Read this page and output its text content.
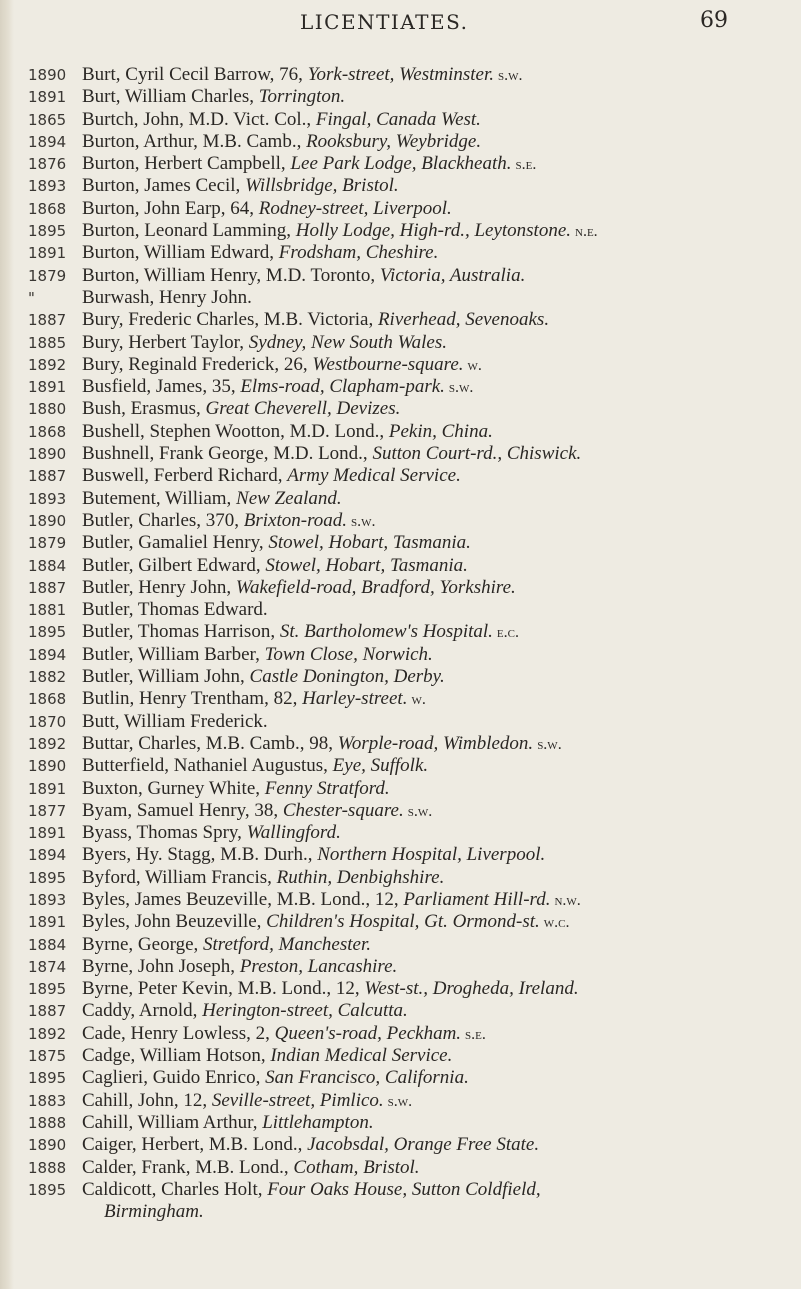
LICENTIATES.	69
1890 Burt, Cyril Cecil Barrow, 76, York-street, Westminster. s.w.
1891 Burt, William Charles, Torrington.
1865 Burtch, John, M.D. Vict. Col., Fingal, Canada West.
1894 Burton, Arthur, M.B. Camb., Rooksbury, Weybridge.
1876 Burton, Herbert Campbell, Lee Park Lodge, Blackheath. s.e.
1893 Burton, James Cecil, Willsbridge, Bristol.
1868 Burton, John Earp, 64, Rodney-street, Liverpool.
1895 Burton, Leonard Lamming, Holly Lodge, High-rd., Leytonstone. n.e.
1891 Burton, William Edward, Frodsham, Cheshire.
1879 Burton, William Henry, M.D. Toronto, Victoria, Australia.
"	Burwash, Henry John.
1887 Bury, Frederic Charles, M.B. Victoria, Riverhead, Sevenoaks.
1885 Bury, Herbert Taylor, Sydney, New South Wales.
1892 Bury, Reginald Frederick, 26, Westbourne-square. w.
1891 Busfield, James, 35, Elms-road, Clapham-park. s.w.
1880 Bush, Erasmus, Great Cheverell, Devizes.
1868 Bushell, Stephen Wootton, M.D. Lond., Pekin, China.
1890 Bushnell, Frank George, M.D. Lond., Sutton Court-rd., Chiswick.
1887 Buswell, Ferberd Richard, Army Medical Service.
1893 Butement, William, New Zealand.
1890 Butler, Charles, 370, Brixton-road. s.w.
1879 Butler, Gamaliel Henry, Stowel, Hobart, Tasmania.
1884 Butler, Gilbert Edward, Stowel, Hobart, Tasmania.
1887 Butler, Henry John, Wakefield-road, Bradford, Yorkshire.
1881 Butler, Thomas Edward.
1895 Butler, Thomas Harrison, St. Bartholomew's Hospital. e.c.
1894 Butler, William Barber, Town Close, Norwich.
1882 Butler, William John, Castle Donington, Derby.
1868 Butlin, Henry Trentham, 82, Harley-street. w.
1870 Butt, William Frederick.
1892 Buttar, Charles, M.B. Camb., 98, Worple-road, Wimbledon. s.w.
1890 Butterfield, Nathaniel Augustus, Eye, Suffolk.
1891 Buxton, Gurney White, Fenny Stratford.
1877 Byam, Samuel Henry, 38, Chester-square. s.w.
1891 Byass, Thomas Spry, Wallingford.
1894 Byers, Hy. Stagg, M.B. Durh., Northern Hospital, Liverpool.
1895 Byford, William Francis, Ruthin, Denbighshire.
1893 Byles, James Beuzeville, M.B. Lond., 12, Parliament Hill-rd. n.w.
1891 Byles, John Beuzeville, Children's Hospital, Gt. Ormond-st. w.c.
1884 Byrne, George, Stretford, Manchester.
1874 Byrne, John Joseph, Preston, Lancashire.
1895 Byrne, Peter Kevin, M.B. Lond., 12, West-st., Drogheda, Ireland.
1887 Caddy, Arnold, Herington-street, Calcutta.
1892 Cade, Henry Lowless, 2, Queen's-road, Peckham. s.e.
1875 Cadge, William Hotson, Indian Medical Service.
1895 Caglieri, Guido Enrico, San Francisco, California.
1883 Cahill, John, 12, Seville-street, Pimlico. s.w.
1888 Cahill, William Arthur, Littlehampton.
1890 Caiger, Herbert, M.B. Lond., Jacobsdal, Orange Free State.
1888 Calder, Frank, M.B. Lond., Cotham, Bristol.
1895 Caldicott, Charles Holt, Four Oaks House, Sutton Coldfield,
Birmingham.
